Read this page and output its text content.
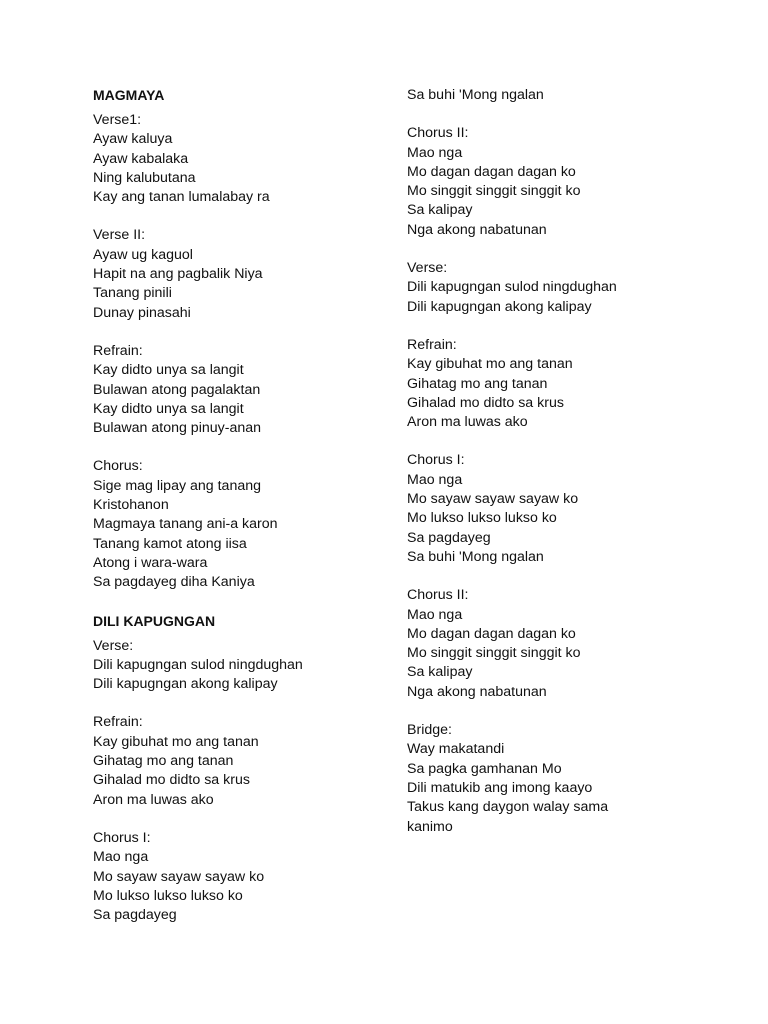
MAGMAYA
Verse1:
Ayaw kaluya
Ayaw kabalaka
Ning kalubutana
Kay ang tanan lumalabay ra
Verse II:
Ayaw ug kaguol
Hapit na ang pagbalik Niya
Tanang pinili
Dunay pinasahi
Refrain:
Kay didto unya sa langit
Bulawan atong pagalaktan
Kay didto unya sa langit
Bulawan atong pinuy-anan
Chorus:
Sige mag lipay ang tanang
Kristohanon
Magmaya tanang ani-a karon
Tanang kamot atong iisa
Atong i wara-wara
Sa pagdayeg diha Kaniya
DILI KAPUGNGAN
Verse:
Dili kapugngan sulod ningdughan
Dili kapugngan akong kalipay
Refrain:
Kay gibuhat mo ang tanan
Gihatag mo ang tanan
Gihalad mo didto sa krus
Aron ma luwas ako
Chorus I:
Mao nga
Mo sayaw sayaw sayaw ko
Mo lukso lukso lukso ko
Sa pagdayeg
Sa buhi 'Mong ngalan
Chorus II:
Mao nga
Mo dagan dagan dagan ko
Mo singgit singgit singgit ko
Sa kalipay
Nga akong nabatunan
Verse:
Dili kapugngan sulod ningdughan
Dili kapugngan akong kalipay
Refrain:
Kay gibuhat mo ang tanan
Gihatag mo ang tanan
Gihalad mo didto sa krus
Aron ma luwas ako
Chorus I:
Mao nga
Mo sayaw sayaw sayaw ko
Mo lukso lukso lukso ko
Sa pagdayeg
Sa buhi 'Mong ngalan
Chorus II:
Mao nga
Mo dagan dagan dagan ko
Mo singgit singgit singgit ko
Sa kalipay
Nga akong nabatunan
Bridge:
Way makatandi
Sa pagka gamhanan Mo
Dili matukib ang imong kaayo
Takus kang daygon walay sama
kanimo
